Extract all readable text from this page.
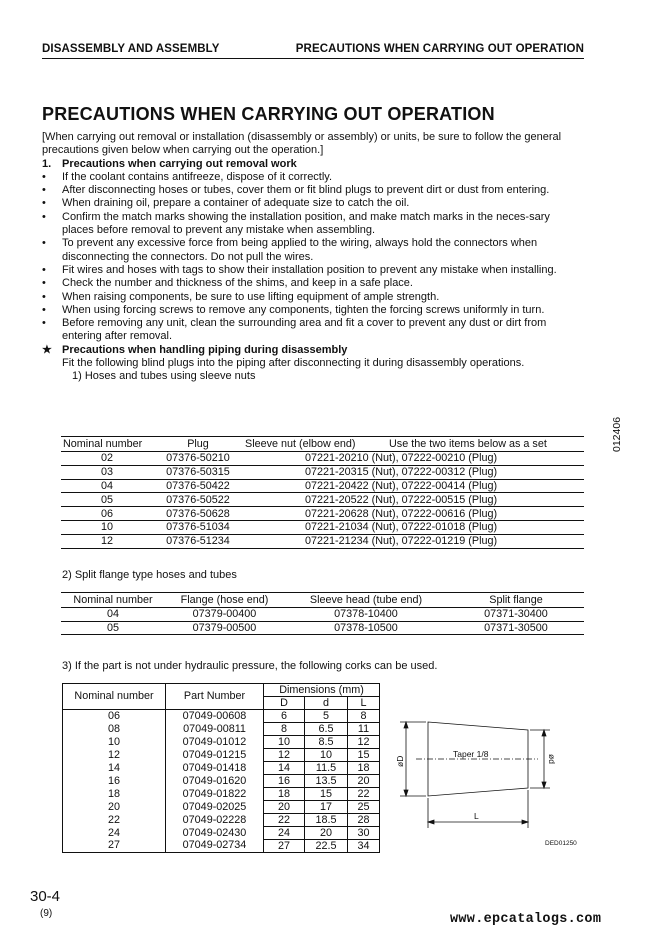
DISASSEMBLY AND ASSEMBLY	PRECAUTIONS WHEN CARRYING OUT OPERATION
PRECAUTIONS WHEN CARRYING OUT OPERATION

[When carrying out removal or installation (disassembly or assembly) or units, be sure to follow the general precautions given below when carrying out the operation.]

1. Precautions when carrying out removal work
•	If the coolant contains antifreeze, dispose of it correctly.
•	After disconnecting hoses or tubes, cover them or fit blind plugs to prevent dirt or dust from entering.
•	When draining oil, prepare a container of adequate size to catch the oil.
•	Confirm the match marks showing the installation position, and make match marks in the neces-sary places before removal to prevent any mistake when assembling.
•	To prevent any excessive force from being applied to the wiring, always hold the connectors when disconnecting the connectors. Do not pull the wires.
•	Fit wires and hoses with tags to show their installation position to prevent any mistake when installing.
•	Check the number and thickness of the shims, and keep in a safe place.
•	When raising components, be sure to use lifting equipment of ample strength.
•	When using forcing screws to remove any components, tighten the forcing screws uniformly in turn.
•	Before removing any unit, clean the surrounding area and fit a cover to prevent any dust or dirt from entering after removal.
★ Precautions when handling piping during disassembly

Fit the following blind plugs into the piping after disconnecting it during disassembly operations.

1) Hoses and tubes using sleeve nuts

Nominal number	Plug	Sleeve nut (elbow end)	Use the two items below as a set
02	07376-50210	07221-20210 (Nut), 07222-00210 (Plug)	
03	07376-50315	07221-20315 (Nut), 07222-00312 (Plug)	
04	07376-50422	07221-20422 (Nut), 07222-00414 (Plug)	
05	07376-50522	07221-20522 (Nut), 07222-00515 (Plug)	
06	07376-50628	07221-20628 (Nut), 07222-00616 (Plug)	
10	07376-51034	07221-21034 (Nut), 07222-01018 (Plug)	
12	07376-51234	07221-21234 (Nut), 07222-01219 (Plug)	
2) Split flange type hoses and tubes
Nominal number	Flange (hose end)	Sleeve head (tube end)	Split flange
04	07379-00400	07378-10400	07371-30400
05	07379-00500	07378-10500	07371-30500
3) If the part is not under hydraulic pressure, the following corks can be used.
Nominal number	Part Number	Dimensions (mm)		
		D	d	L
06	07049-00608	6	5	8
08	07049-00811	8	6.5	11
10	07049-01012	10	8.5	12
12	07049-01215	12	10	15
14	07049-01418	14	11.5	18
16	07049-01620	16	13.5	20
18	07049-01822	18	15	22
20	07049-02025	20	17	25
22	07049-02228	22	18.5	28
24	07049-02430	24	20	30
27	07049-02734	27	22.5	34
Taper 1/8
L
øD	ød
DED01250
012406
30-4
(9)	www.epcatalogs.com
